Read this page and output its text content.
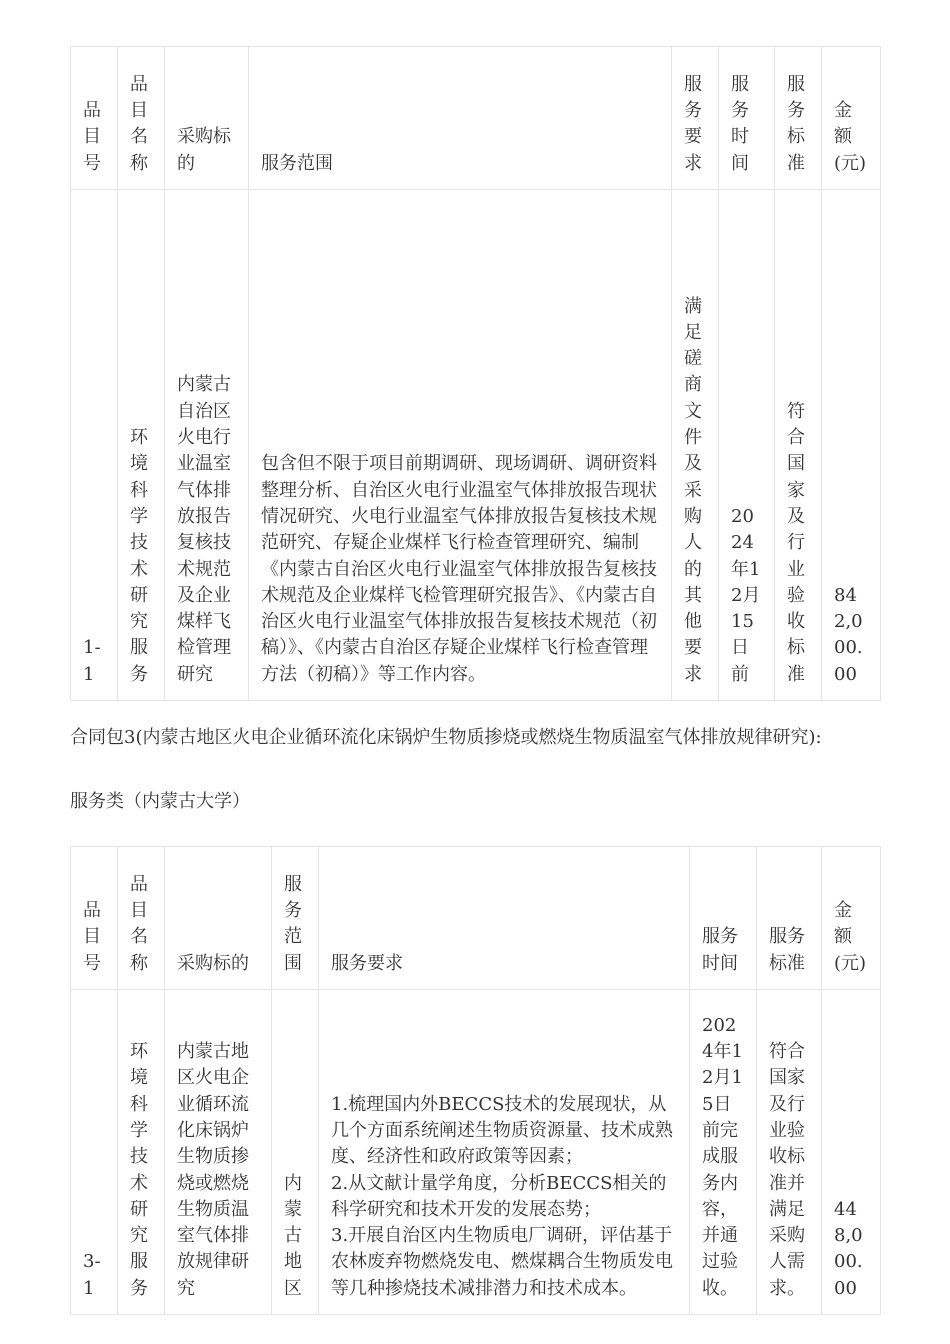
品目号	品目名称	采购标的	服务范围	服务要求	服务时间	服务标准	金额(元)
1-1	环境科学技术研究服务	内蒙古自治区火电行业温室气体排放报告复核技术规范及企业煤样飞检管理研究	包含但不限于项目前期调研、现场调研、调研资料整理分析、自治区火电行业温室气体排放报告现状情况研究、火电行业温室气体排放报告复核技术规范研究、存疑企业煤样飞行检查管理研究、编制《内蒙古自治区火电行业温室气体排放报告复核技术规范及企业煤样飞检管理研究报告》、《内蒙古自治区火电行业温室气体排放报告复核技术规范（初稿）》、《内蒙古自治区存疑企业煤样飞行检查管理方法（初稿）》等工作内容。	满足磋商文件及采购人的其他要求	2024年12月15日前	符合国家及行业验收标准	842,000.00

合同包3(内蒙古地区火电企业循环流化床锅炉生物质掺烧或燃烧生物质温室气体排放规律研究):

服务类（内蒙古大学）

品目号	品目名称	采购标的	服务范围	服务要求	服务时间	服务标准	金额(元)
3-1	环境科学技术研究服务	内蒙古地区火电企业循环流化床锅炉生物质掺烧或燃烧生物质温室气体排放规律研究	内蒙古地区	1.梳理国内外BECCS技术的发展现状，从几个方面系统阐述生物质资源量、技术成熟度、经济性和政府政策等因素；
2.从文献计量学角度，分析BECCS相关的科学研究和技术开发的发展态势；
3.开展自治区内生物质电厂调研，评估基于农林废弃物燃烧发电、燃煤耦合生物质发电等几种掺烧技术减排潜力和技术成本。	2024年12月15日前完成服务内容，并通过验收。	符合国家及行业验收标准并满足采购人需求。	448,000.00
